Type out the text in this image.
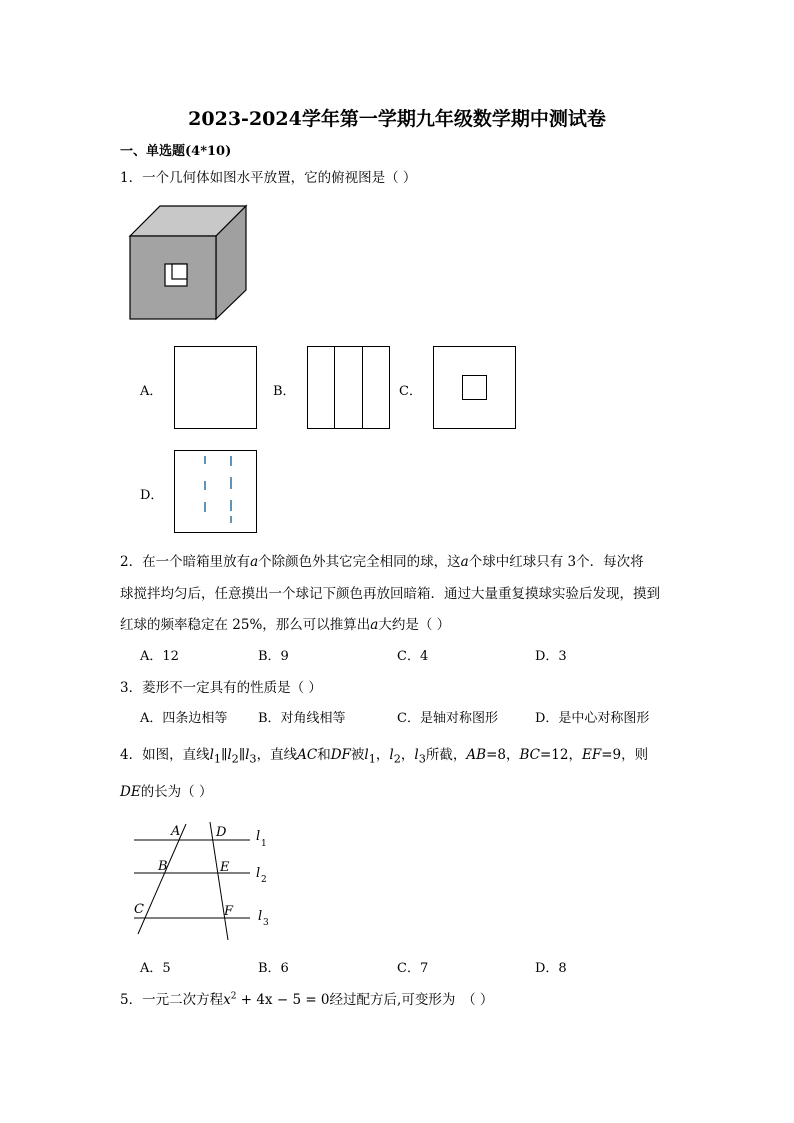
2023-2024学年第一学期九年级数学期中测试卷
一、单选题(4*10)
1．一个几何体如图水平放置，它的俯视图是（ ）
A．	B．	C．
D．
2．在一个暗箱里放有a个除颜色外其它完全相同的球，这a个球中红球只有 3个．每次将
球搅拌均匀后，任意摸出一个球记下颜色再放回暗箱．通过大量重复摸球实验后发现，摸到
红球的频率稳定在 25%，那么可以推算出a大约是（ ）
A．12	B．9	C．4	D．3
3．菱形不一定具有的性质是（ ）
A．四条边相等 B．对角线相等	C．是轴对称图形	D．是中心对称图形
4．如图，直线$l_1\parallel l_2\parallel l_3$，直线AC和DF被$l_1$，$l_2$，$l_3$所截，AB=8，BC=12，EF=9，则
DE的长为（ ）
A	D
B	E
C	F
l 1
l 2
l 3
A．5	B．6	C．7	D．8
5．一元二次方程$x^2 + 4x - 5 = 0$经过配方后,可变形为　（ ）
